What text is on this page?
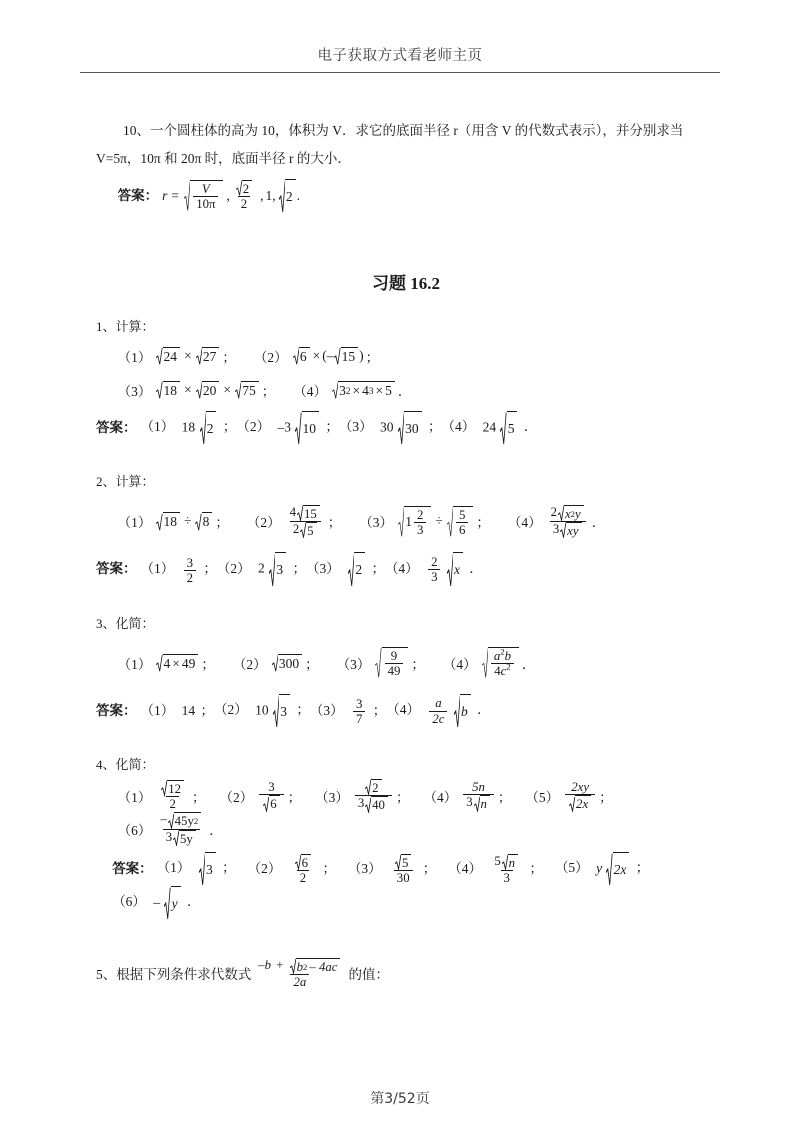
电子获取方式看老师主页

10、一个圆柱体的高为 10，体积为 V．求它的底面半径 r（用含 V 的代数式表示），并分别求当

V=5π，10π 和 20π 时，底面半径 r 的大小．

答案： $r = \frac{V}{10\pi}$ , $\frac{2}{2}$ , 1, 2 .
习题 16.2
1、计算：
（1） 24 × 27 ； （2） 6 × ( – 15 ) ；
（3） 18 × 20 × 75 ； （4） 3 2 × 4 3 × 5 ．
答案： （1） 18 2 ； （2） –3 10 ； （3） 30 30 ； （4） 24 5 ．
2、计算：
（1） 18 ÷ 8 ； $(2) \frac{4 15}{2 5}$ ； （3） $1 \frac{2}{3} \div \frac{5}{6}$ ； $(4) \frac{2 x 2 y}{3 xy}$ ．
答案： $(1) \frac{3}{2}$ ； （2） 2 3 ； （3） 2 ； $(4) \frac{2}{3}$
x ．
3、化简：
（1） 4 × 49 ； （2） 300 ； $(3) \frac{9}{49}$ ； $(4) \frac{a^2b}{4c^2}$ ．
答案： （1） 14 ； （2） 10 3 ； $(3) \frac{3}{7}$ ； $(4) \frac{a}{2c}$
b ．
4、化简：
$(1) \frac{12}{2}$ ； $(2) \frac{3}{6}$ ； $(3) \frac{2}{3 40}$ ； $(4) \frac{5n}{3 n}$ ； $(5) \frac{2xy}{2x}$ ；
$(6) \frac{- 45y 2}{3 5y}$ ．
答案： （1） 3 ； $(2) \frac{6}{2}$ ； $(3) \frac{5}{30}$ ； $(4) \frac{5 n}{3}$ ； （5） y 2x ；
（6） – y ．
5、根据下列条件求代数式
–b + b 2 – 4ac
2a	的值：
第3/52页
